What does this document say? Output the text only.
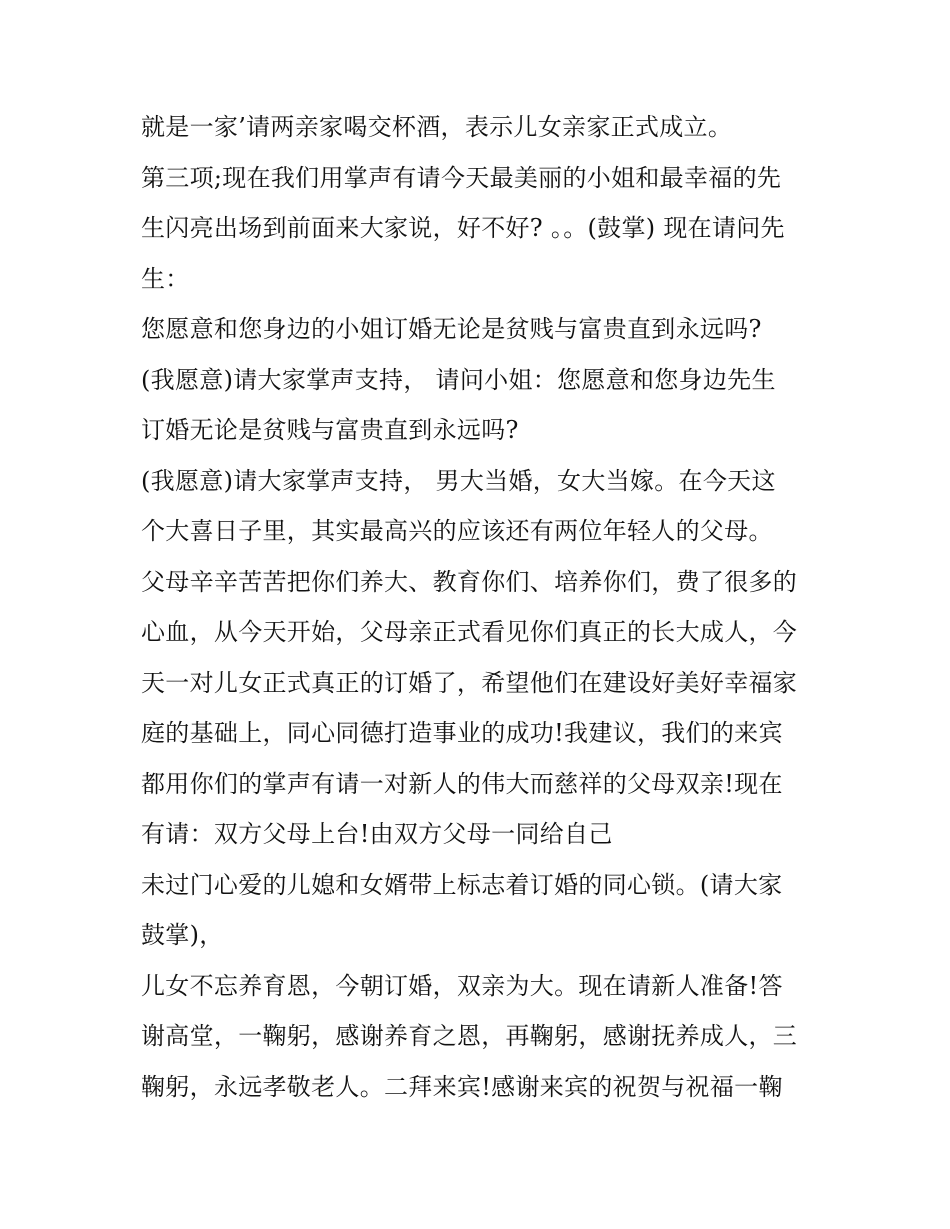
就是一家’请两亲家喝交杯酒，表示儿女亲家正式成立。
第三项;现在我们用掌声有请今天最美丽的小姐和最幸福的先
生闪亮出场到前面来大家说，好不好? 。。(鼓掌) 现在请问先
生：
您愿意和您身边的小姐订婚无论是贫贱与富贵直到永远吗?
(我愿意)请大家掌声支持， 请问小姐：您愿意和您身边先生
订婚无论是贫贱与富贵直到永远吗?
(我愿意)请大家掌声支持， 男大当婚，女大当嫁。在今天这
个大喜日子里，其实最高兴的应该还有两位年轻人的父母。
父母辛辛苦苦把你们养大、教育你们、培养你们，费了很多的
心血，从今天开始，父母亲正式看见你们真正的长大成人，今
天一对儿女正式真正的订婚了，希望他们在建设好美好幸福家
庭的基础上，同心同德打造事业的成功!我建议，我们的来宾
都用你们的掌声有请一对新人的伟大而慈祥的父母双亲!现在
有请：双方父母上台!由双方父母一同给自己
未过门心爱的儿媳和女婿带上标志着订婚的同心锁。(请大家
鼓掌)，
儿女不忘养育恩，今朝订婚，双亲为大。现在请新人准备!答
谢高堂，一鞠躬，感谢养育之恩，再鞠躬，感谢抚养成人，三
鞠躬，永远孝敬老人。二拜来宾!感谢来宾的祝贺与祝福一鞠
